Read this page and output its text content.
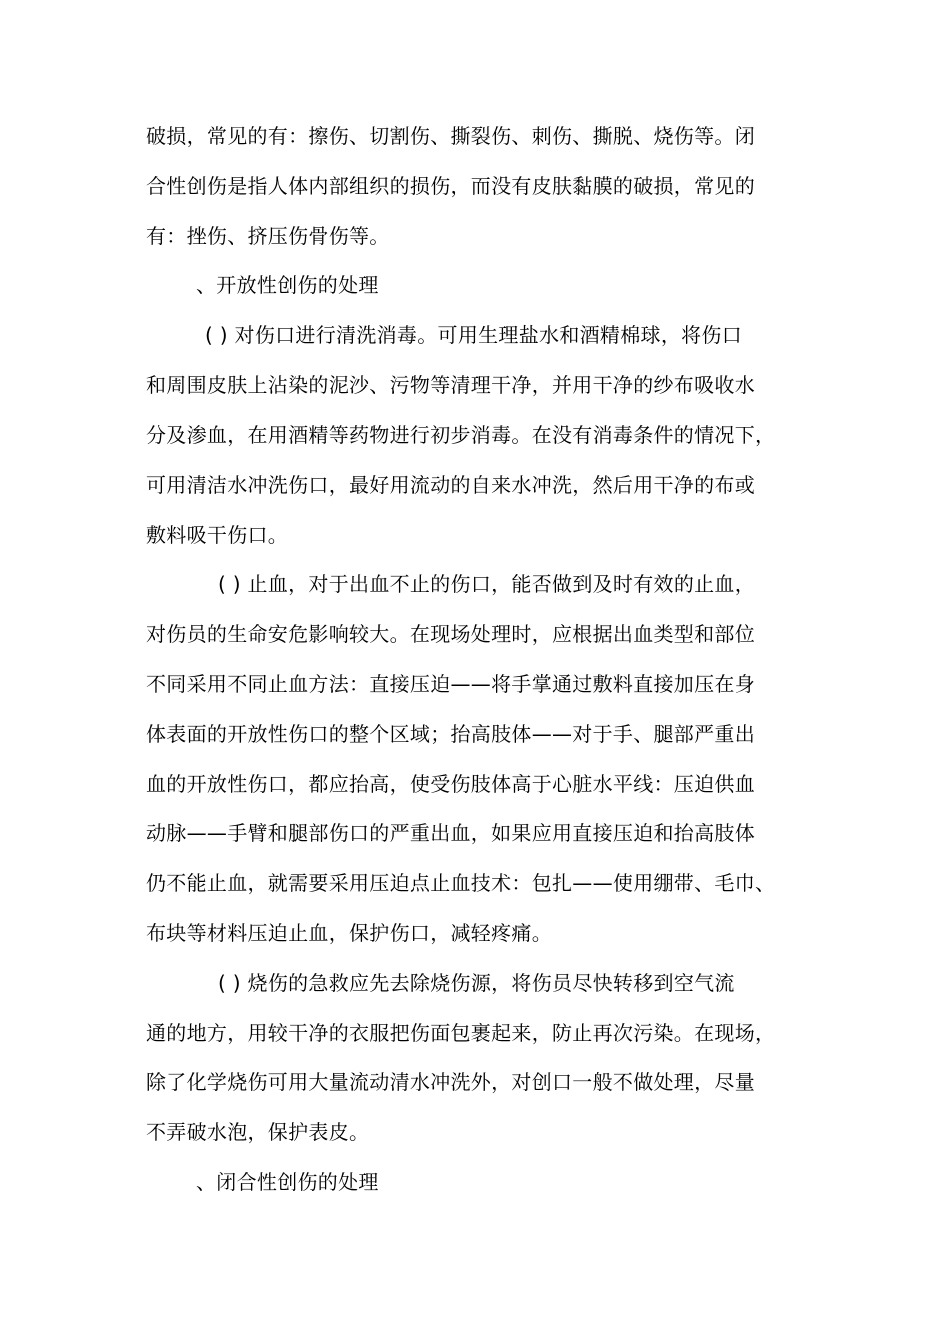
破损，常见的有：擦伤、切割伤、撕裂伤、刺伤、撕脱、烧伤等。闭
合性创伤是指人体内部组织的损伤，而没有皮肤黏膜的破损，常见的
有：挫伤、挤压伤骨伤等。
、开放性创伤的处理
( ) 对伤口进行清洗消毒。可用生理盐水和酒精棉球，将伤口
和周围皮肤上沾染的泥沙、污物等清理干净，并用干净的纱布吸收水
分及渗血，在用酒精等药物进行初步消毒。在没有消毒条件的情况下，
可用清洁水冲洗伤口，最好用流动的自来水冲洗，然后用干净的布或
敷料吸干伤口。
( ) 止血，对于出血不止的伤口，能否做到及时有效的止血，
对伤员的生命安危影响较大。在现场处理时，应根据出血类型和部位
不同采用不同止血方法：直接压迫——将手掌通过敷料直接加压在身
体表面的开放性伤口的整个区域；抬高肢体——对于手、腿部严重出
血的开放性伤口，都应抬高，使受伤肢体高于心脏水平线：压迫供血
动脉——手臂和腿部伤口的严重出血，如果应用直接压迫和抬高肢体
仍不能止血，就需要采用压迫点止血技术：包扎——使用绷带、毛巾、
布块等材料压迫止血，保护伤口，减轻疼痛。
( ) 烧伤的急救应先去除烧伤源，将伤员尽快转移到空气流
通的地方，用较干净的衣服把伤面包裹起来，防止再次污染。在现场，
除了化学烧伤可用大量流动清水冲洗外，对创口一般不做处理，尽量
不弄破水泡，保护表皮。
、闭合性创伤的处理
